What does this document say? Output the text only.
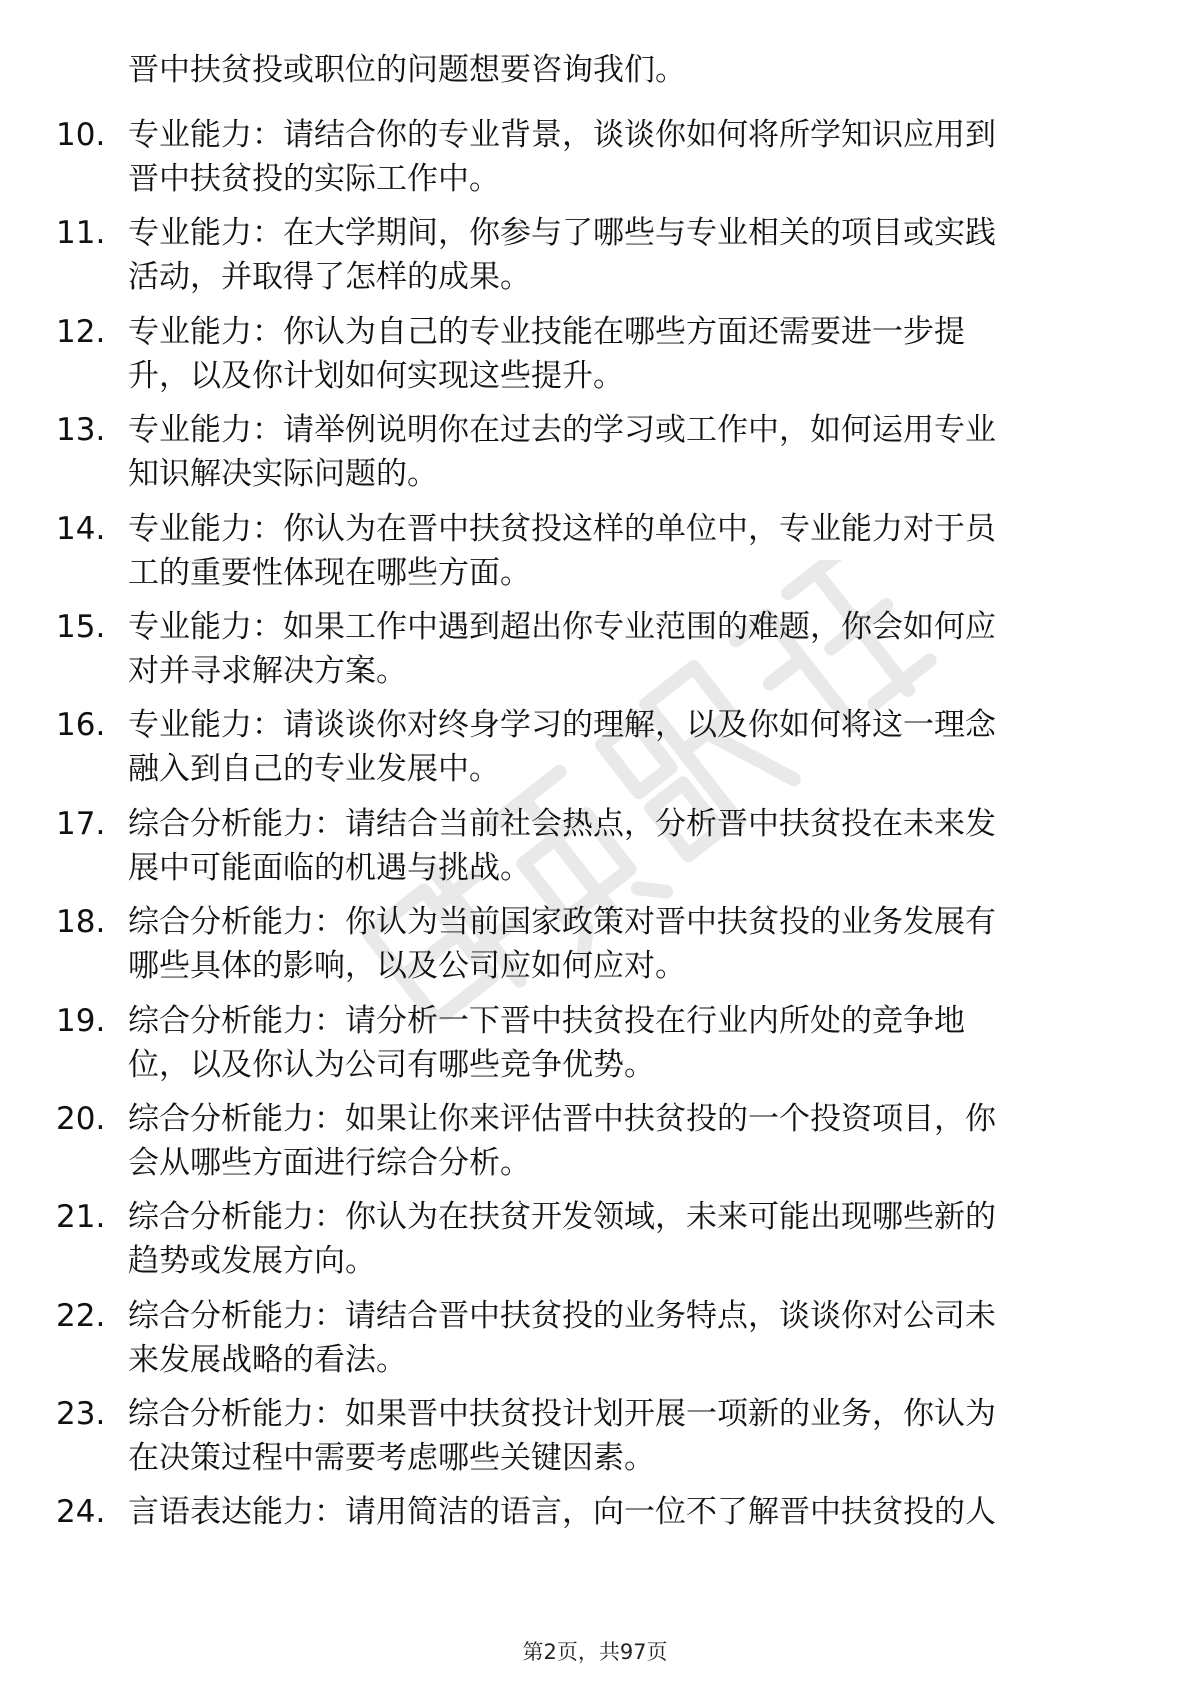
晋中扶贫投或职位的问题想要咨询我们。
10. 专业能力：请结合你的专业背景，谈谈你如何将所学知识应用到
晋中扶贫投的实际工作中。
11. 专业能力：在大学期间，你参与了哪些与专业相关的项目或实践
活动，并取得了怎样的成果。
12. 专业能力：你认为自己的专业技能在哪些方面还需要进一步提
升，以及你计划如何实现这些提升。
13. 专业能力：请举例说明你在过去的学习或工作中，如何运用专业
知识解决实际问题的。
14. 专业能力：你认为在晋中扶贫投这样的单位中，专业能力对于员
工的重要性体现在哪些方面。
15. 专业能力：如果工作中遇到超出你专业范围的难题，你会如何应
对并寻求解决方案。
16. 专业能力：请谈谈你对终身学习的理解，以及你如何将这一理念
融入到自己的专业发展中。
17. 综合分析能力：请结合当前社会热点，分析晋中扶贫投在未来发
展中可能面临的机遇与挑战。
18. 综合分析能力：你认为当前国家政策对晋中扶贫投的业务发展有
哪些具体的影响，以及公司应如何应对。
19. 综合分析能力：请分析一下晋中扶贫投在行业内所处的竞争地
位，以及你认为公司有哪些竞争优势。
20. 综合分析能力：如果让你来评估晋中扶贫投的一个投资项目，你
会从哪些方面进行综合分析。
21. 综合分析能力：你认为在扶贫开发领域，未来可能出现哪些新的
趋势或发展方向。
22. 综合分析能力：请结合晋中扶贫投的业务特点，谈谈你对公司未
来发展战略的看法。
23. 综合分析能力：如果晋中扶贫投计划开展一项新的业务，你认为
在决策过程中需要考虑哪些关键因素。
24. 言语表达能力：请用简洁的语言，向一位不了解晋中扶贫投的人
第2页，共97页
